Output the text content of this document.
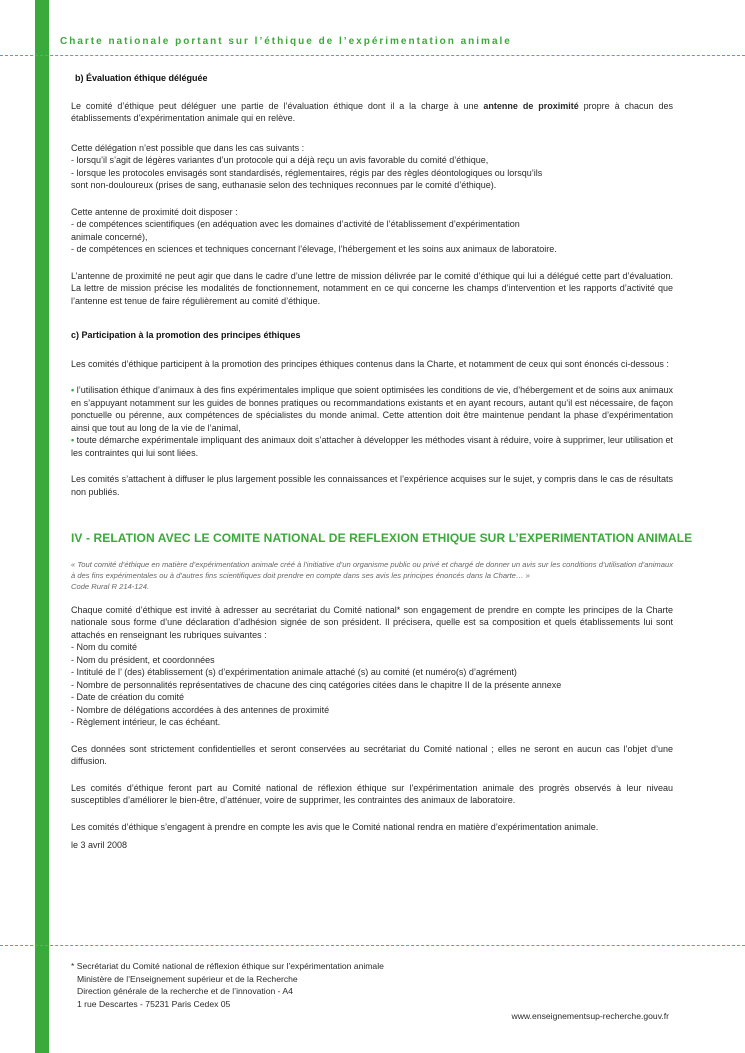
Charte nationale portant sur l’éthique de l’expérimentation animale

b) Évaluation éthique déléguée

Le comité d’éthique peut déléguer une partie de l’évaluation éthique dont il a la charge à une antenne de proximité propre à chacun des établissements d’expérimentation animale qui en relève.

Cette délégation n’est possible que dans les cas suivants :

- lorsqu’il s’agit de légères variantes d’un protocole qui a déjà reçu un avis favorable du comité d’éthique,

- lorsque les protocoles envisagés sont standardisés, réglementaires, régis par des règles déontologiques ou lorsqu’ils

sont non-douloureux (prises de sang, euthanasie selon des techniques reconnues par le comité d’éthique).

Cette antenne de proximité doit disposer :

- de compétences scientifiques (en adéquation avec les domaines d’activité de l’établissement d’expérimentation

animale concerné),

- de compétences en sciences et techniques concernant l’élevage, l’hébergement et les soins aux animaux de laboratoire.

L’antenne de proximité ne peut agir que dans le cadre d’une lettre de mission délivrée par le comité d’éthique qui lui a délégué cette part d’évaluation. La lettre de mission précise les modalités de fonctionnement, notamment en ce qui concerne les champs d’intervention et les rapports d’activité que l’antenne est tenue de faire régulièrement au comité d’éthique.

c) Participation à la promotion des principes éthiques

Les comités d’éthique participent à la promotion des principes éthiques contenus dans la Charte, et notamment de ceux qui sont énoncés ci-dessous :

• l’utilisation éthique d’animaux à des fins expérimentales implique que soient optimisées les conditions de vie, d’hébergement et de soins aux animaux en s’appuyant notamment sur les guides de bonnes pratiques ou recommandations existants et en ayant recours, autant qu’il est nécessaire, de façon ponctuelle ou pérenne, aux compétences de spécialistes du monde animal. Cette attention doit être maintenue pendant la phase d’expérimentation ainsi que tout au long de la vie de l’animal,

• toute démarche expérimentale impliquant des animaux doit s’attacher à développer les méthodes visant à réduire, voire à supprimer, leur utilisation et les contraintes qui lui sont liées.

Les comités s’attachent à diffuser le plus largement possible les connaissances et l’expérience acquises sur le sujet, y compris dans le cas de résultats non publiés.

IV - RELATION AVEC LE COMITE NATIONAL DE REFLEXION ETHIQUE SUR L’EXPERIMENTATION ANIMALE

« Tout comité d’éthique en matière d’expérimentation animale créé à l’initiative d’un organisme public ou privé et chargé de donner un avis sur les conditions d’utilisation d’animaux à des fins expérimentales ou à d’autres fins scientifiques doit prendre en compte dans ses avis les principes énoncés dans la Charte… »

Code Rural R 214-124.

Chaque comité d’éthique est invité à adresser au secrétariat du Comité national* son engagement de prendre en compte les principes de la Charte nationale sous forme d’une déclaration d’adhésion signée de son président. Il précisera, quelle est sa composition et quels établissements lui sont attachés en renseignant les rubriques suivantes :

- Nom du comité

- Nom du président, et coordonnées

- Intitulé de l’ (des) établissement (s) d’expérimentation animale attaché (s) au comité (et numéro(s) d’agrément)

- Nombre de personnalités représentatives de chacune des cinq catégories citées dans le chapitre II de la présente annexe

- Date de création du comité

- Nombre de délégations accordées à des antennes de proximité

- Règlement intérieur, le cas échéant.

Ces données sont strictement confidentielles et seront conservées au secrétariat du Comité national ; elles ne seront en aucun cas l’objet d’une diffusion.

Les comités d’éthique feront part au Comité national de réflexion éthique sur l’expérimentation animale des progrès observés à leur niveau susceptibles d’améliorer le bien-être, d’atténuer, voire de supprimer, les contraintes des animaux de laboratoire.

Les comités d’éthique s’engagent à prendre en compte les avis que le Comité national rendra en matière d’expérimentation animale.

le 3 avril 2008

* Secrétariat du Comité national de réflexion éthique sur l’expérimentation animale
Ministère de l’Enseignement supérieur et de la Recherche
Direction générale de la recherche et de l’innovation - A4
1 rue Descartes - 75231 Paris Cedex 05
www.enseignementsup-recherche.gouv.fr
